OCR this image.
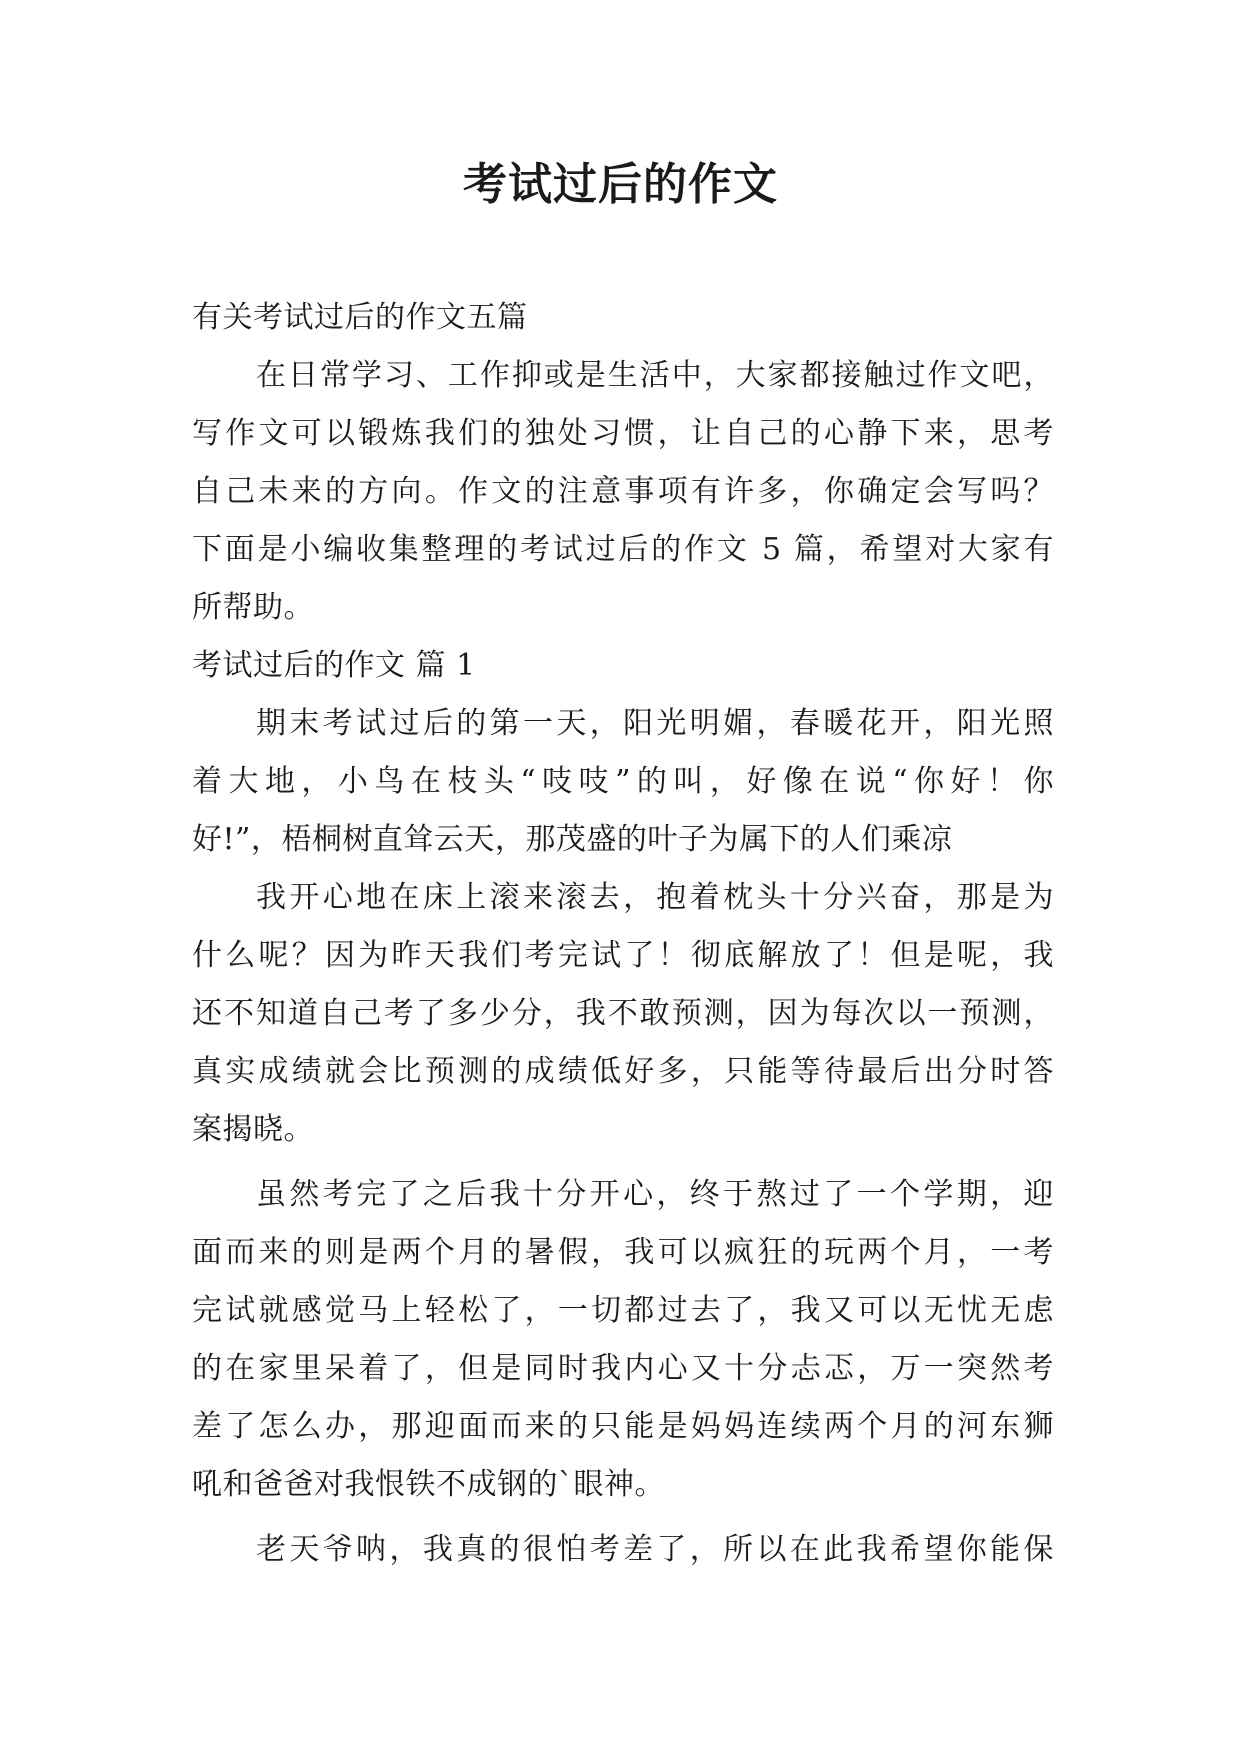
考试过后的作文
有关考试过后的作文五篇
在日常学习、工作抑或是生活中，大家都接触过作文吧，
写作文可以锻炼我们的独处习惯，让自己的心静下来，思考
自己未来的方向。作文的注意事项有许多，你确定会写吗？
下面是小编收集整理的考试过后的作文 5 篇，希望对大家有
所帮助。
考试过后的作文 篇 1
期末考试过后的第一天，阳光明媚，春暖花开，阳光照
着大地，小鸟在枝头“吱吱”的叫，好像在说“你好！你
好!”，梧桐树直耸云天，那茂盛的叶子为属下的人们乘凉
我开心地在床上滚来滚去，抱着枕头十分兴奋，那是为
什么呢？因为昨天我们考完试了！彻底解放了！但是呢，我
还不知道自己考了多少分，我不敢预测，因为每次以一预测，
真实成绩就会比预测的成绩低好多，只能等待最后出分时答
案揭晓。
虽然考完了之后我十分开心，终于熬过了一个学期，迎
面而来的则是两个月的暑假，我可以疯狂的玩两个月，一考
完试就感觉马上轻松了，一切都过去了，我又可以无忧无虑
的在家里呆着了，但是同时我内心又十分忐忑，万一突然考
差了怎么办，那迎面而来的只能是妈妈连续两个月的河东狮
吼和爸爸对我恨铁不成钢的`眼神。
老天爷呐，我真的很怕考差了，所以在此我希望你能保
